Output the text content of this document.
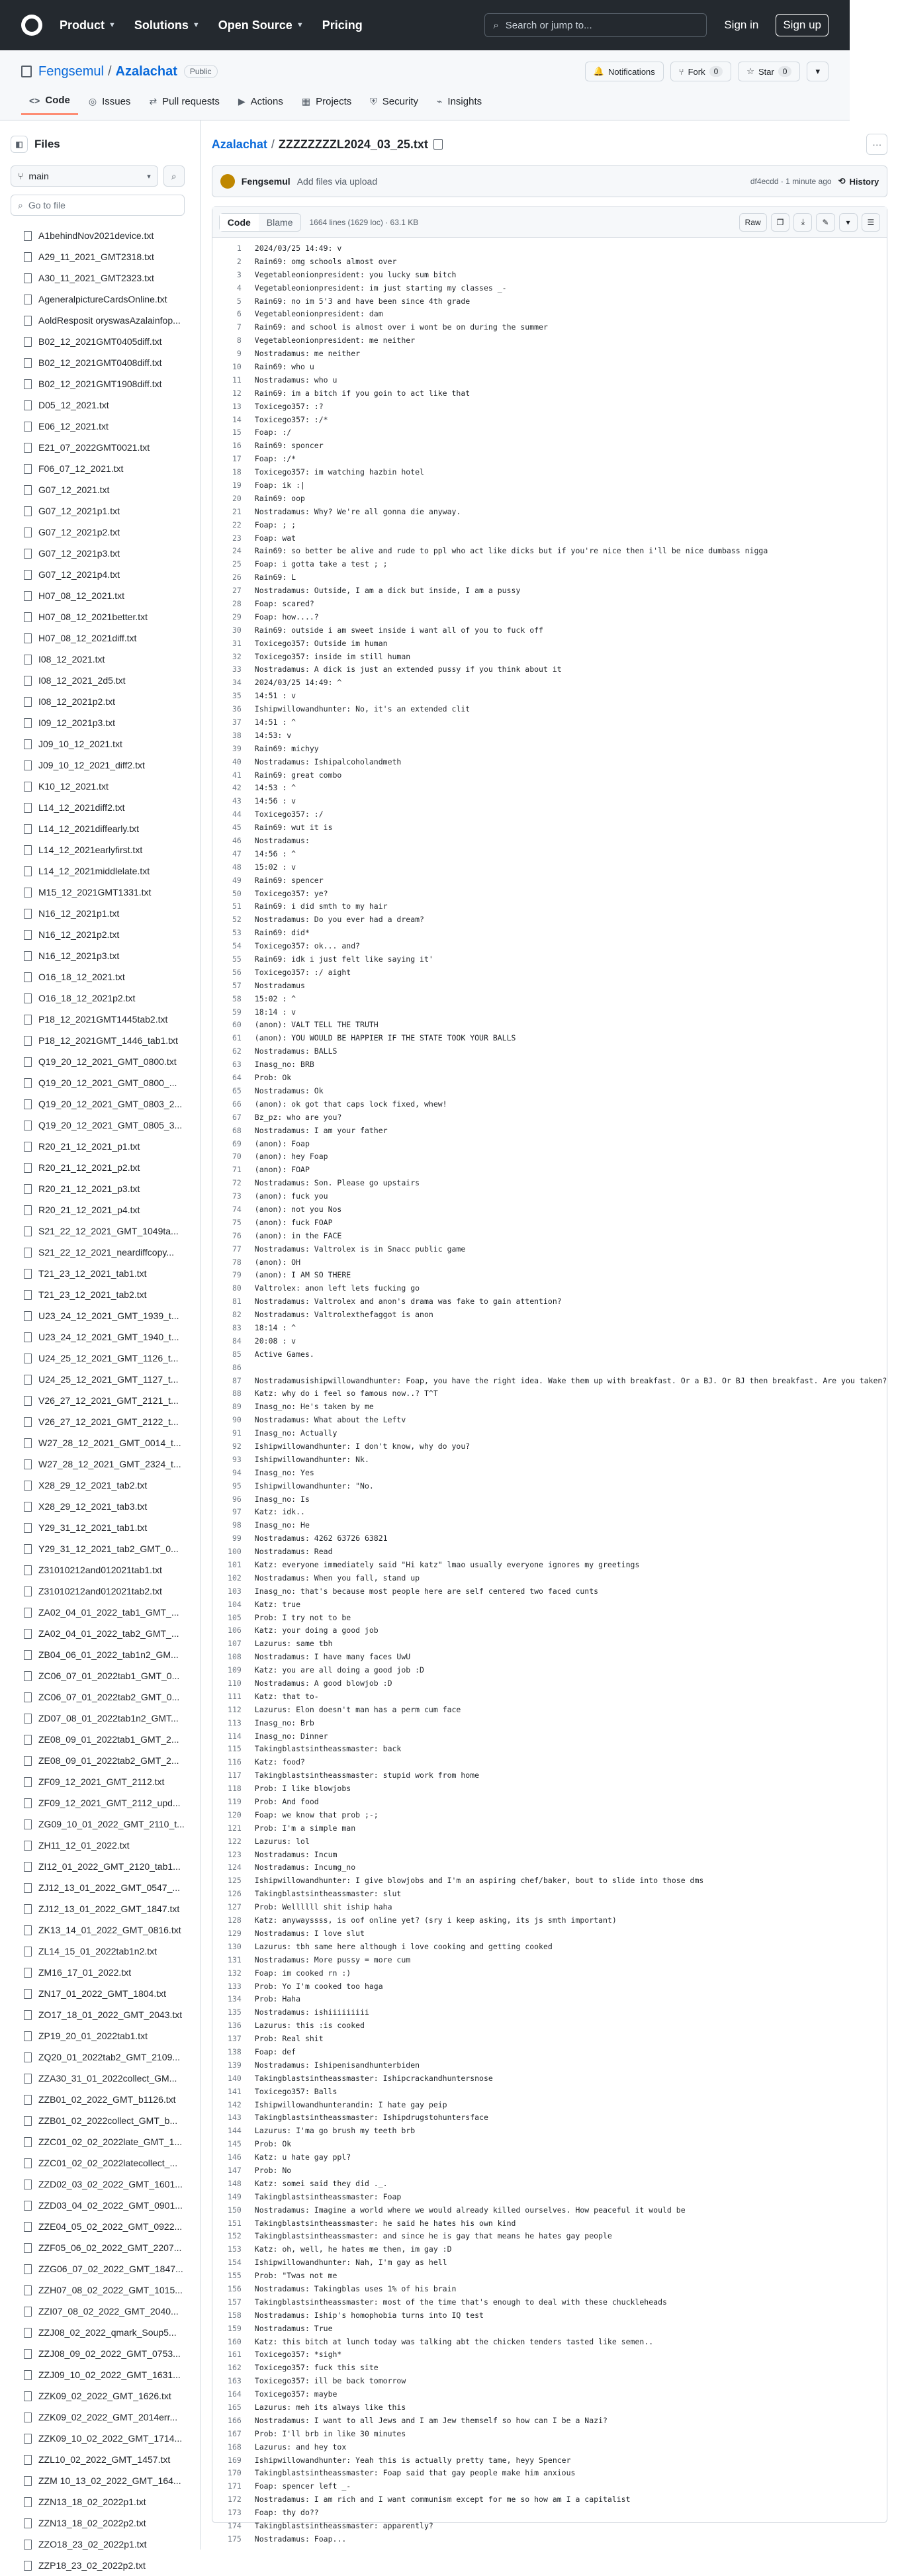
Product ▼ Solutions ▼ Open Source ▼ Pricing	⌕ Search or jump to...	Sign in	Sign up
Fengsemul / Azalachat	Public	🔔 Notifications	⑂ Fork	0	☆ Star	0	▾
<> Code ◎ Issues ⇄ Pull requests ▶ Actions ▦ Projects ⛨ Security ⌁ Insights
◧	Files
⑂ main	▾ ⌕
⌕ Go to file
A1behindNov2021device.txt
A29_11_2021_GMT2318.txt
A30_11_2021_GMT2323.txt
AgeneralpictureCardsOnline.txt
AoldResposit oryswasAzalainfop...
B02_12_2021GMT0405diff.txt
B02_12_2021GMT0408diff.txt
B02_12_2021GMT1908diff.txt
D05_12_2021.txt
E06_12_2021.txt
E21_07_2022GMT0021.txt
F06_07_12_2021.txt
G07_12_2021.txt
G07_12_2021p1.txt
G07_12_2021p2.txt
G07_12_2021p3.txt
G07_12_2021p4.txt
H07_08_12_2021.txt
H07_08_12_2021better.txt
H07_08_12_2021diff.txt
I08_12_2021.txt
I08_12_2021_2d5.txt
I08_12_2021p2.txt
I09_12_2021p3.txt
J09_10_12_2021.txt
J09_10_12_2021_diff2.txt
K10_12_2021.txt
L14_12_2021diff2.txt
L14_12_2021diffearly.txt
L14_12_2021earlyfirst.txt
L14_12_2021middlelate.txt
M15_12_2021GMT1331.txt
N16_12_2021p1.txt
N16_12_2021p2.txt
N16_12_2021p3.txt
O16_18_12_2021.txt
O16_18_12_2021p2.txt
P18_12_2021GMT1445tab2.txt
P18_12_2021GMT_1446_tab1.txt
Q19_20_12_2021_GMT_0800.txt
Q19_20_12_2021_GMT_0800_...
Q19_20_12_2021_GMT_0803_2...
Q19_20_12_2021_GMT_0805_3...
R20_21_12_2021_p1.txt
R20_21_12_2021_p2.txt
R20_21_12_2021_p3.txt
R20_21_12_2021_p4.txt
S21_22_12_2021_GMT_1049ta...
S21_22_12_2021_neardiffcopy...
T21_23_12_2021_tab1.txt
T21_23_12_2021_tab2.txt
U23_24_12_2021_GMT_1939_t...
U23_24_12_2021_GMT_1940_t...
U24_25_12_2021_GMT_1126_t...
U24_25_12_2021_GMT_1127_t...
V26_27_12_2021_GMT_2121_t...
V26_27_12_2021_GMT_2122_t...
W27_28_12_2021_GMT_0014_t...
W27_28_12_2021_GMT_2324_t...
X28_29_12_2021_tab2.txt
X28_29_12_2021_tab3.txt
Y29_31_12_2021_tab1.txt
Y29_31_12_2021_tab2_GMT_0...
Z31010212and012021tab1.txt
Z31010212and012021tab2.txt
ZA02_04_01_2022_tab1_GMT_...
ZA02_04_01_2022_tab2_GMT_...
ZB04_06_01_2022_tab1n2_GM...
ZC06_07_01_2022tab1_GMT_0...
ZC06_07_01_2022tab2_GMT_0...
ZD07_08_01_2022tab1n2_GMT...
ZE08_09_01_2022tab1_GMT_2...
ZE08_09_01_2022tab2_GMT_2...
ZF09_12_2021_GMT_2112.txt
ZF09_12_2021_GMT_2112_upd...
ZG09_10_01_2022_GMT_2110_t...
ZH11_12_01_2022.txt
ZI12_01_2022_GMT_2120_tab1...
ZJ12_13_01_2022_GMT_0547_...
ZJ12_13_01_2022_GMT_1847.txt
ZK13_14_01_2022_GMT_0816.txt
ZL14_15_01_2022tab1n2.txt
ZM16_17_01_2022.txt
ZN17_01_2022_GMT_1804.txt
ZO17_18_01_2022_GMT_2043.txt
ZP19_20_01_2022tab1.txt
ZQ20_01_2022tab2_GMT_2109...
ZZA30_31_01_2022collect_GM...
ZZB01_02_2022_GMT_b1126.txt
ZZB01_02_2022collect_GMT_b...
ZZC01_02_02_2022late_GMT_1...
ZZC01_02_02_2022latecollect_...
ZZD02_03_02_2022_GMT_1601...
ZZD03_04_02_2022_GMT_0901...
ZZE04_05_02_2022_GMT_0922...
ZZF05_06_02_2022_GMT_2207...
ZZG06_07_02_2022_GMT_1847...
ZZH07_08_02_2022_GMT_1015...
ZZI07_08_02_2022_GMT_2040...
ZZJ08_02_2022_qmark_Soup5...
ZZJ08_09_02_2022_GMT_0753...
ZZJ09_10_02_2022_GMT_1631...
ZZK09_02_2022_GMT_1626.txt
ZZK09_02_2022_GMT_2014err...
ZZK09_10_02_2022_GMT_1714...
ZZL10_02_2022_GMT_1457.txt
ZZM 10_13_02_2022_GMT_164...
ZZN13_18_02_2022p1.txt
ZZN13_18_02_2022p2.txt
ZZO18_23_02_2022p1.txt
ZZP18_23_02_2022p2.txt
Azalachat / ZZZZZZZZL2024_03_25.txt	···
Fengsemul Add files via upload	df4ecdd · 1 minute ago ⟲ History
Code	Blame	1664 lines (1629 loc) · 63.1 KB	Raw	❐ ⤓ ✎ ▾ ☰
1	2024/03/25 14:49: v
2	Rain69: omg schools almost over
3	Vegetableonionpresident: you lucky sum bitch
4	Vegetableonionpresident: im just starting my classes _-
5	Rain69: no im 5'3 and have been since 4th grade
6	Vegetableonionpresident: dam
7	Rain69: and school is almost over i wont be on during the summer
8	Vegetableonionpresident: me neither
9	Nostradamus: me neither
10	Rain69: who u
11	Nostradamus: who u
12	Rain69: im a bitch if you goin to act like that
13	Toxicego357: :?
14	Toxicego357: :/*
15	Foap: :/
16	Rain69: sponcer
17	Foap: :/*
18	Toxicego357: im watching hazbin hotel
19	Foap: ik :|
20	Rain69: oop
21	Nostradamus: Why? We're all gonna die anyway.
22	Foap: ; ;
23	Foap: wat
24	Rain69: so better be alive and rude to ppl who act like dicks but if you're nice then i'll be nice dumbass nigga
25	Foap: i gotta take a test ; ;
26	Rain69: L
27	Nostradamus: Outside, I am a dick but inside, I am a pussy
28	Foap: scared?
29	Foap: how....?
30	Rain69: outside i am sweet inside i want all of you to fuck off
31	Toxicego357: Outside im human
32	Toxicego357: inside im still human
33	Nostradamus: A dick is just an extended pussy if you think about it
34	2024/03/25 14:49: ^
35	14:51 : v
36	Ishipwillowandhunter: No, it's an extended clit
37	14:51 : ^
38	14:53: v
39	Rain69: michyy
40	Nostradamus: Ishipalcoholandmeth
41	Rain69: great combo
42	14:53 : ^
43	14:56 : v
44	Toxicego357: :/
45	Rain69: wut it is
46	Nostradamus:
47	14:56 : ^
48	15:02 : v
49	Rain69: spencer
50	Toxicego357: ye?
51	Rain69: i did smth to my hair
52	Nostradamus: Do you ever had a dream?
53	Rain69: did*
54	Toxicego357: ok... and?
55	Rain69: idk i just felt like saying it'
56	Toxicego357: :/ aight
57	Nostradamus
58	15:02 : ^
59	18:14 : v
60	(anon): VALT TELL THE TRUTH
61	(anon): YOU WOULD BE HAPPIER IF THE STATE TOOK YOUR BALLS
62	Nostradamus: BALLS
63	Inasg_no: BRB
64	Prob: Ok
65	Nostradamus: Ok
66	(anon): ok got that caps lock fixed, whew!
67	Bz_pz: who are you?
68	Nostradamus: I am your father
69	(anon): Foap
70	(anon): hey Foap
71	(anon): FOAP
72	Nostradamus: Son. Please go upstairs
73	(anon): fuck you
74	(anon): not you Nos
75	(anon): fuck FOAP
76	(anon): in the FACE
77	Nostradamus: Valtrolex is in Snacc public game
78	(anon): OH
79	(anon): I AM SO THERE
80	Valtrolex: anon left lets fucking go
81	Nostradamus: Valtrolex and anon's drama was fake to gain attention?
82	Nostradamus: Valtrolexthefaggot is anon
83	18:14 : ^
84	20:08 : v
85	Active Games.
86
87	Nostradamusishipwillowandhunter: Foap, you have the right idea. Wake them up with breakfast. Or a BJ. Or BJ then breakfast. Are you taken?
88	Katz: why do i feel so famous now..? T^T
89	Inasg_no: He's taken by me
90	Nostradamus: What about the Leftv
91	Inasg_no: Actually
92	Ishipwillowandhunter: I don't know, why do you?
93	Ishipwillowandhunter: Nk.
94	Inasg_no: Yes
95	Ishipwillowandhunter: "No.
96	Inasg_no: Is
97	Katz: idk..
98	Inasg_no: He
99	Nostradamus: 4262 63726 63821
100	Nostradamus: Read
101	Katz: everyone immediately said "Hi katz" lmao usually everyone ignores my greetings
102	Nostradamus: When you fall, stand up
103	Inasg_no: that's because most people here are self centered two faced cunts
104	Katz: true
105	Prob: I try not to be
106	Katz: your doing a good job
107	Lazurus: same tbh
108	Nostradamus: I have many faces UwU
109	Katz: you are all doing a good job :D
110	Nostradamus: A good blowjob :D
111	Katz: that to-
112	Lazurus: Elon doesn't man has a perm cum face
113	Inasg_no: Brb
114	Inasg_no: Dinner
115	Takingblastsintheassmaster: back
116	Katz: food?
117	Takingblastsintheassmaster: stupid work from home
118	Prob: I like blowjobs
119	Prob: And food
120	Foap: we know that prob ;-;
121	Prob: I'm a simple man
122	Lazurus: lol
123	Nostradamus: Incum
124	Nostradamus: Incumg_no
125	Ishipwillowandhunter: I give blowjobs and I'm an aspiring chef/baker, bout to slide into those dms
126	Takingblastsintheassmaster: slut
127	Prob: Wellllll shit iship haha
128	Katz: anywayssss, is oof online yet? (sry i keep asking, its js smth important)
129	Nostradamus: I love slut
130	Lazurus: tbh same here although i love cooking and getting cooked
131	Nostradamus: More pussy = more cum
132	Foap: im cooked rn :)
133	Prob: Yo I'm cooked too haga
134	Prob: Haha
135	Nostradamus: ishiiiiiiiii
136	Lazurus: this :is cooked
137	Prob: Real shit
138	Foap: def
139	Nostradamus: Ishipenisandhunterbiden
140	Takingblastsintheassmaster: Ishipcrackandhuntersnose
141	Toxicego357: Balls
142	Ishipwillowandhunterandin: I hate gay peip
143	Takingblastsintheassmaster: Ishipdrugstohuntersface
144	Lazurus: I'ma go brush my teeth brb
145	Prob: Ok
146	Katz: u hate gay ppl?
147	Prob: No
148	Katz: somei said they did ._.
149	Takingblastsintheassmaster: Foap
150	Nostradamus: Imagine a world where we would already killed ourselves. How peaceful it would be
151	Takingblastsintheassmaster: he said he hates his own kind
152	Takingblastsintheassmaster: and since he is gay that means he hates gay people
153	Katz: oh, well, he hates me then, im gay :D
154	Ishipwillowandhunter: Nah, I'm gay as hell
155	Prob: "Twas not me
156	Nostradamus: Takingblas uses 1% of his brain
157	Takingblastsintheassmaster: most of the time that's enough to deal with these chuckleheads
158	Nostradamus: Iship's homophobia turns into IQ test
159	Nostradamus: True
160	Katz: this bitch at lunch today was talking abt the chicken tenders tasted like semen..
161	Toxicego357: *sigh*
162	Toxicego357: fuck this site
163	Toxicego357: ill be back tomorrow
164	Toxicego357: maybe
165	Lazurus: meh its always like this
166	Nostradamus: I want to all Jews and I am Jew themself so how can I be a Nazi?
167	Prob: I'll brb in like 30 minutes
168	Lazurus: and hey tox
169	Ishipwillowandhunter: Yeah this is actually pretty tame, heyy Spencer
170	Takingblastsintheassmaster: Foap said that gay people make him anxious
171	Foap: spencer left _-
172	Nostradamus: I am rich and I want communism except for me so how am I a capitalist
173	Foap: thy do??
174	Takingblastsintheassmaster: apparently?
175	Nostradamus: Foap...
